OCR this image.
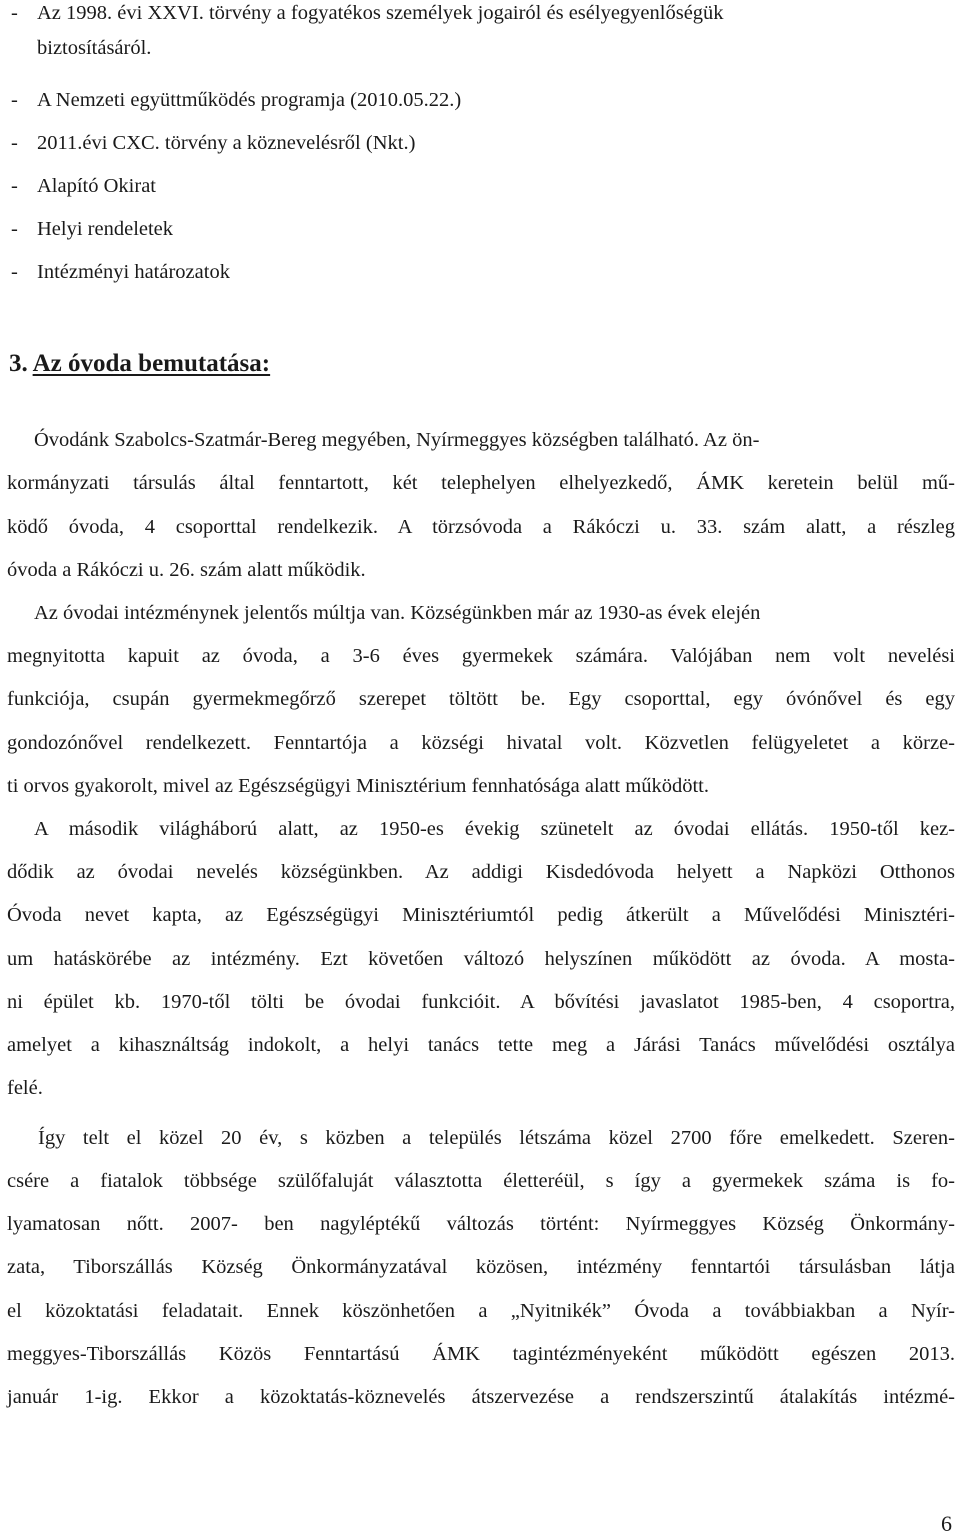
- Az 1998. évi XXVI. törvény a fogyatékos személyek jogairól és esélyegyenlőségük
biztosításáról.
- A Nemzeti együttműködés programja (2010.05.22.)
- 2011.évi CXC. törvény a köznevelésről (Nkt.)
- Alapító Okirat
- Helyi rendeletek
- Intézményi határozatok
3. Az óvoda bemutatása:
Óvodánk Szabolcs-Szatmár-Bereg megyében, Nyírmeggyes községben található. Az ön-
kormányzati társulás által fenntartott, két telephelyen elhelyezkedő, ÁMK keretein belül mű-
ködő óvoda, 4 csoporttal rendelkezik. A törzsóvoda a Rákóczi u. 33. szám alatt, a részleg
óvoda a Rákóczi u. 26. szám alatt működik.
Az óvodai intézménynek jelentős múltja van. Községünkben már az 1930-as évek elején
megnyitotta kapuit az óvoda, a 3-6 éves gyermekek számára. Valójában nem volt nevelési
funkciója, csupán gyermekmegőrző szerepet töltött be. Egy csoporttal, egy óvónővel és egy
gondozónővel rendelkezett. Fenntartója a községi hivatal volt. Közvetlen felügyeletet a körze-
ti orvos gyakorolt, mivel az Egészségügyi Minisztérium fennhatósága alatt működött.
A második világháború alatt, az 1950-es évekig szünetelt az óvodai ellátás. 1950-től kez-
dődik az óvodai nevelés községünkben. Az addigi Kisdedóvoda helyett a Napközi Otthonos
Óvoda nevet kapta, az Egészségügyi Minisztériumtól pedig átkerült a Művelődési Minisztéri-
um hatáskörébe az intézmény. Ezt követően változó helyszínen működött az óvoda. A mosta-
ni épület kb. 1970-től tölti be óvodai funkcióit. A bővítési javaslatot 1985-ben, 4 csoportra,
amelyet a kihasználtság indokolt, a helyi tanács tette meg a Járási Tanács művelődési osztálya
felé.
Így telt el közel 20 év, s közben a település létszáma közel 2700 főre emelkedett. Szeren-
csére a fiatalok többsége szülőfaluját választotta életteréül, s így a gyermekek száma is fo-
lyamatosan nőtt. 2007- ben nagyléptékű változás történt: Nyírmeggyes Község Önkormány-
zata, Tiborszállás Község Önkormányzatával közösen, intézmény fenntartói társulásban látja
el közoktatási feladatait. Ennek köszönhetően a „Nyitnikék” Óvoda a továbbiakban a Nyír-
meggyes-Tiborszállás Közös Fenntartású ÁMK tagintézményeként működött egészen 2013.
január 1-ig. Ekkor a közoktatás-köznevelés átszervezése a rendszerszintű átalakítás intézmé-
6
